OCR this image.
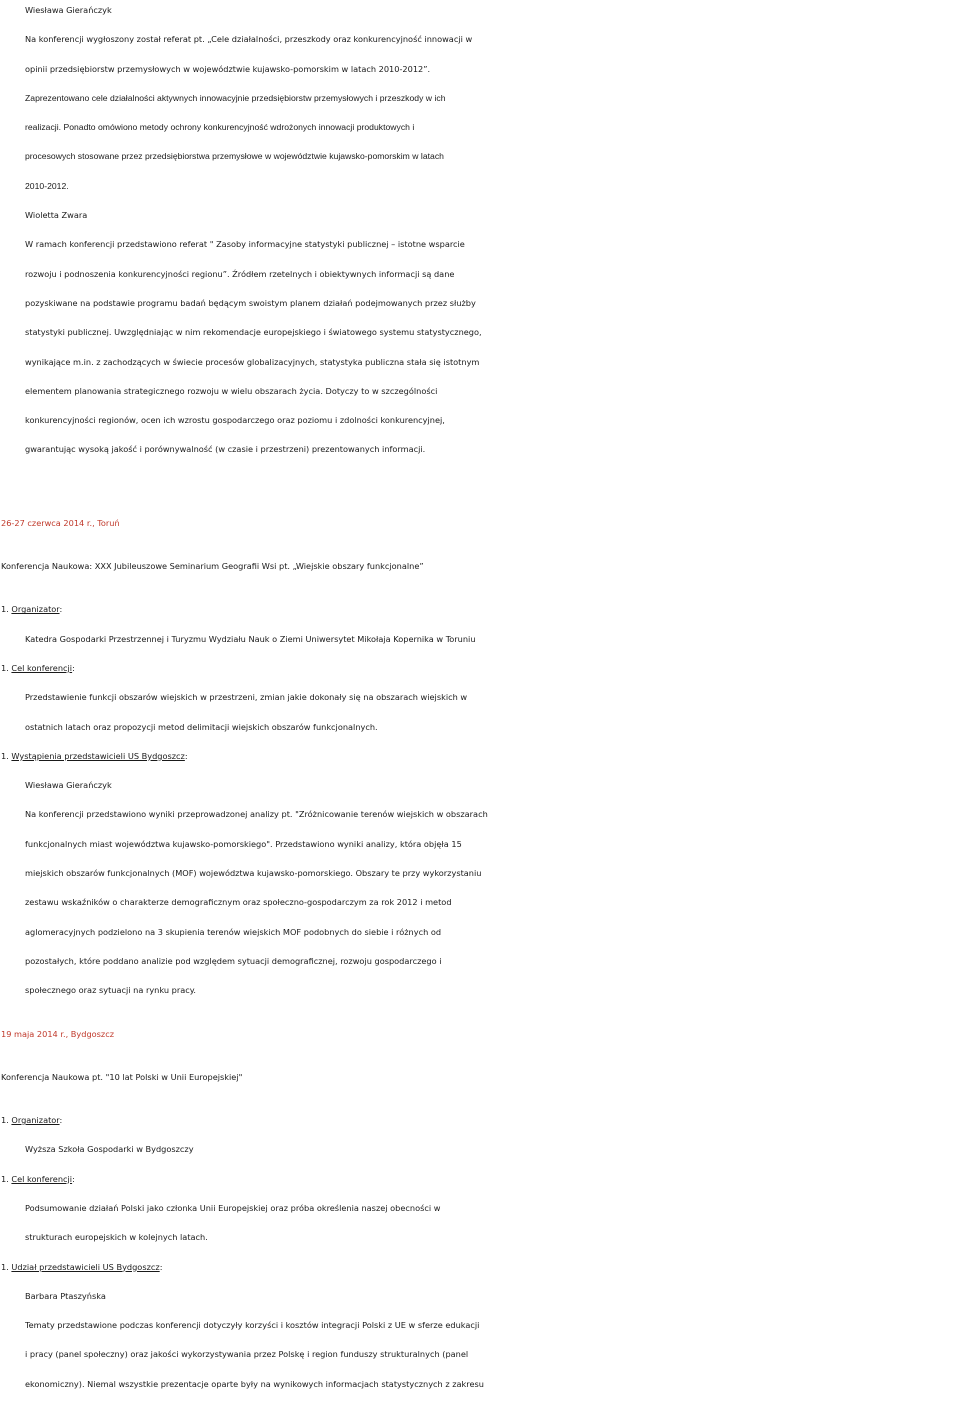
Wiesława Gierańczyk

Na konferencji wygłoszony został referat pt. „Cele działalności, przeszkody oraz konkurencyjność innowacji w

opinii przedsiębiorstw przemysłowych w województwie kujawsko-pomorskim w latach 2010-2012”.

Zaprezentowano cele działalności aktywnych innowacyjnie przedsiębiorstw przemysłowych i przeszkody w ich

realizacji. Ponadto omówiono metody ochrony konkurencyjność wdrożonych innowacji produktowych i

procesowych stosowane przez przedsiębiorstwa przemysłowe w województwie kujawsko-pomorskim w latach

2010-2012.

Wioletta Zwara

W ramach konferencji przedstawiono referat " Zasoby informacyjne statystyki publicznej – istotne wsparcie

rozwoju i podnoszenia konkurencyjności regionu”. Źródłem rzetelnych i obiektywnych informacji są dane

pozyskiwane na podstawie programu badań będącym swoistym planem działań podejmowanych przez służby

statystyki publicznej. Uwzględniając w nim rekomendacje europejskiego i światowego systemu statystycznego,

wynikające m.in. z zachodzących w świecie procesów globalizacyjnych, statystyka publiczna stała się istotnym

elementem planowania strategicznego rozwoju w wielu obszarach życia. Dotyczy to w szczególności

konkurencyjności regionów, ocen ich wzrostu gospodarczego oraz poziomu i zdolności konkurencyjnej,

gwarantując wysoką jakość i porównywalność (w czasie i przestrzeni) prezentowanych informacji.

26-27 czerwca 2014 r., Toruń

Konferencja Naukowa: XXX Jubileuszowe Seminarium Geografii Wsi pt. „Wiejskie obszary funkcjonalne”

1. Organizator:

Katedra Gospodarki Przestrzennej i Turyzmu Wydziału Nauk o Ziemi Uniwersytet Mikołaja Kopernika w Toruniu

1. Cel konferencji:

Przedstawienie funkcji obszarów wiejskich w przestrzeni, zmian jakie dokonały się na obszarach wiejskich w

ostatnich latach oraz propozycji metod delimitacji wiejskich obszarów funkcjonalnych.

1. Wystąpienia przedstawicieli US Bydgoszcz:

Wiesława Gierańczyk

Na konferencji przedstawiono wyniki przeprowadzonej analizy pt. "Zróżnicowanie terenów wiejskich w obszarach

funkcjonalnych miast województwa kujawsko-pomorskiego". Przedstawiono wyniki analizy, która objęła 15

miejskich obszarów funkcjonalnych (MOF) województwa kujawsko-pomorskiego. Obszary te przy wykorzystaniu

zestawu wskaźników o charakterze demograficznym oraz społeczno-gospodarczym za rok 2012 i metod

aglomeracyjnych podzielono na 3 skupienia terenów wiejskich MOF podobnych do siebie i różnych od

pozostałych, które poddano analizie pod względem sytuacji demograficznej, rozwoju gospodarczego i

społecznego oraz sytuacji na rynku pracy.

19 maja 2014 r., Bydgoszcz

Konferencja Naukowa pt. "10 lat Polski w Unii Europejskiej"

1. Organizator:

Wyższa Szkoła Gospodarki w Bydgoszczy

1. Cel konferencji:

Podsumowanie działań Polski jako członka Unii Europejskiej oraz próba określenia naszej obecności w

strukturach europejskich w kolejnych latach.

1. Udział przedstawicieli US Bydgoszcz:

Barbara Ptaszyńska

Tematy przedstawione podczas konferencji dotyczyły korzyści i kosztów integracji Polski z UE w sferze edukacji

i pracy (panel społeczny) oraz jakości wykorzystywania przez Polskę i region funduszy strukturalnych (panel

ekonomiczny). Niemal wszystkie prezentacje oparte były na wynikowych informacjach statystycznych z zakresu
